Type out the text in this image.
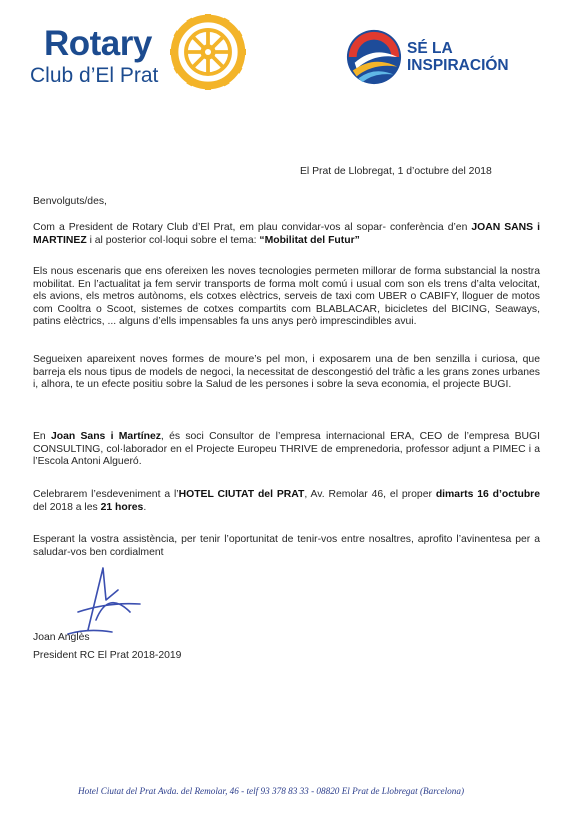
Rotary
Club d’El Prat
SÉ LA
INSPIRACIÓN
El Prat de Llobregat, 1 d’octubre del 2018
Benvolguts/des,
Com a President de Rotary Club d’El Prat, em plau convidar-vos al sopar- conferència d’en JOAN SANS i MARTINEZ i al posterior col·loqui sobre el tema: “Mobilitat del Futur”
Els nous escenaris que ens ofereixen les noves tecnologies permeten millorar de forma substancial la nostra mobilitat. En l’actualitat ja fem servir transports de forma molt comú i usual com son els trens d’alta velocitat, els avions, els metros autònoms, els cotxes elèctrics, serveis de taxi com UBER o CABIFY, lloguer de motos com Cooltra o Scoot, sistemes de cotxes compartits com BLABLACAR, bicicletes del BICING, Seaways, patins elèctrics, ... alguns d’ells impensables fa uns anys però imprescindibles avui.
Segueixen apareixent noves formes de moure’s pel mon, i exposarem una de ben senzilla i curiosa, que barreja els nous tipus de models de negoci, la necessitat de descongestió del tràfic a les grans zones urbanes i, alhora, te un efecte positiu sobre la Salud de les persones i sobre la seva economia, el projecte BUGI.
En Joan Sans i Martínez, és soci Consultor de l’empresa internacional ERA, CEO de l’empresa BUGI CONSULTING, col·laborador en el Projecte Europeu THRIVE de emprenedoria, professor adjunt a PIMEC i a l’Escola Antoni Algueró.
Celebrarem l’esdeveniment a l’HOTEL CIUTAT del PRAT, Av. Remolar 46, el proper dimarts 16 d’octubre del 2018 a les 21 hores.
Esperant la vostra assistència, per tenir l’oportunitat de tenir-vos entre nosaltres, aprofito l’avinentesa per a saludar-vos ben cordialment
Joan Anglès
President RC El Prat 2018-2019
Hotel Ciutat del Prat Avda. del Remolar, 46 - telf 93 378 83 33 - 08820 El Prat de Llobregat (Barcelona)
